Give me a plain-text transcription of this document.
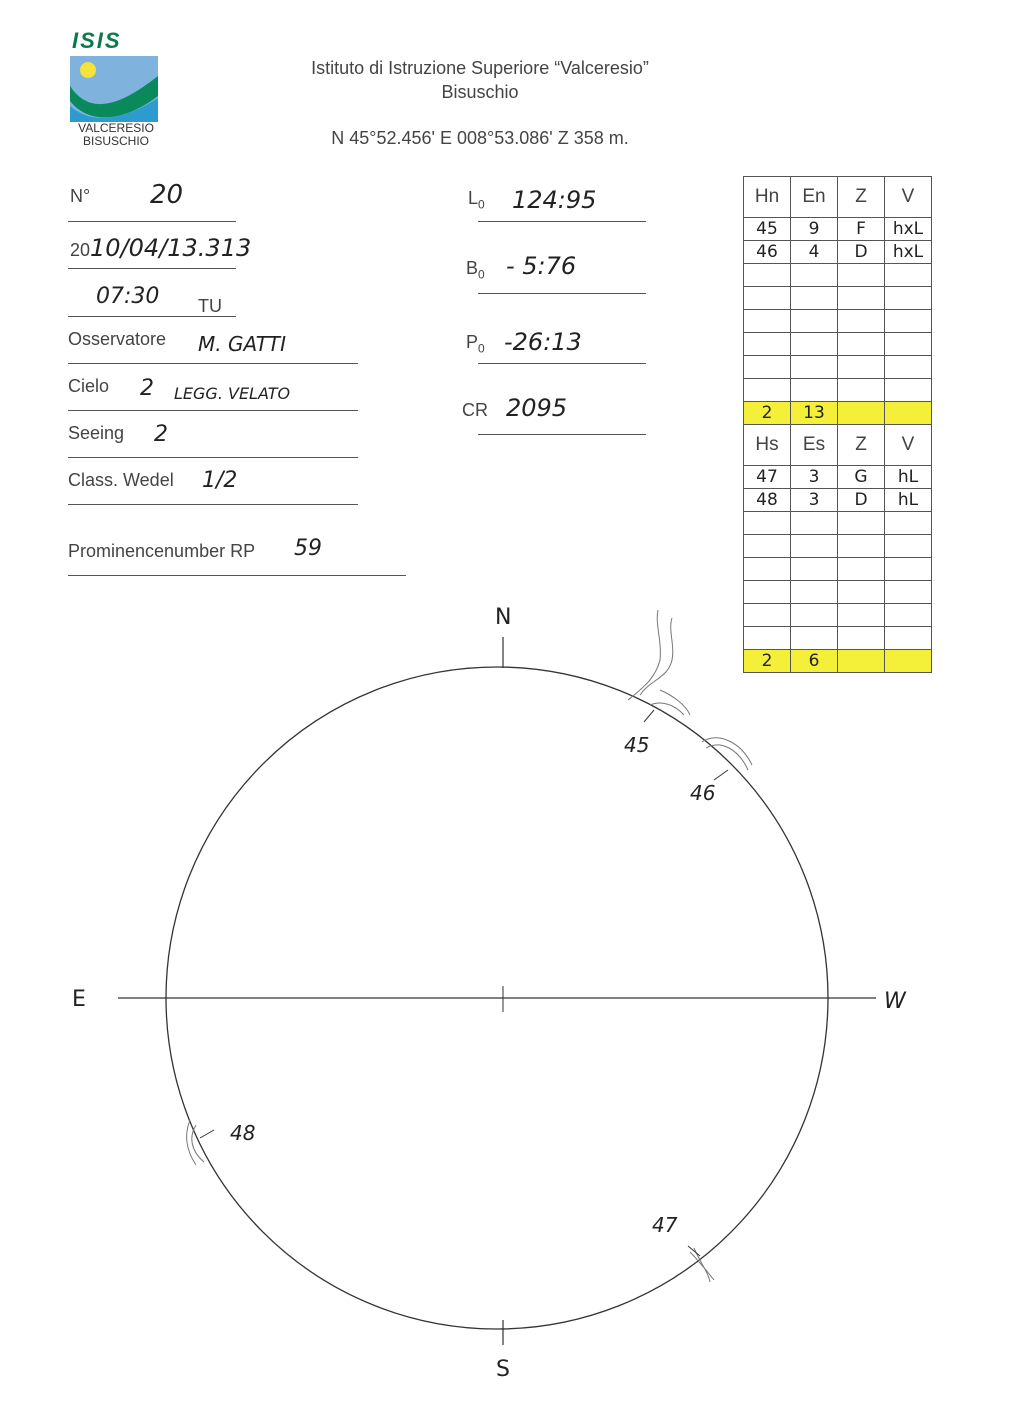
ISIS
VALCERESIO
BISUSCHIO
Istituto di Istruzione Superiore “Valceresio”
Bisuschio
N 45°52.456' E 008°53.086' Z 358 m.
N° 20
20 10/04/13.313
07:30 TU
Osservatore M. GATTI
Cielo 2 LEGG. VELATO
Seeing 2
Class. Wedel 1/2
Prominencenumber RP 59
$L_0$ 124:95
$B_0$ - 5:76
$P_0$ -26:13
CR 2095
Hn	En	Z	V
45	9	F	hxL
46	4	D	hxL

2	13		
Hs	Es	Z	V
47	3	G	hL
48	3	D	hL

2	6		
N
S
E	W
45
46
47
48
